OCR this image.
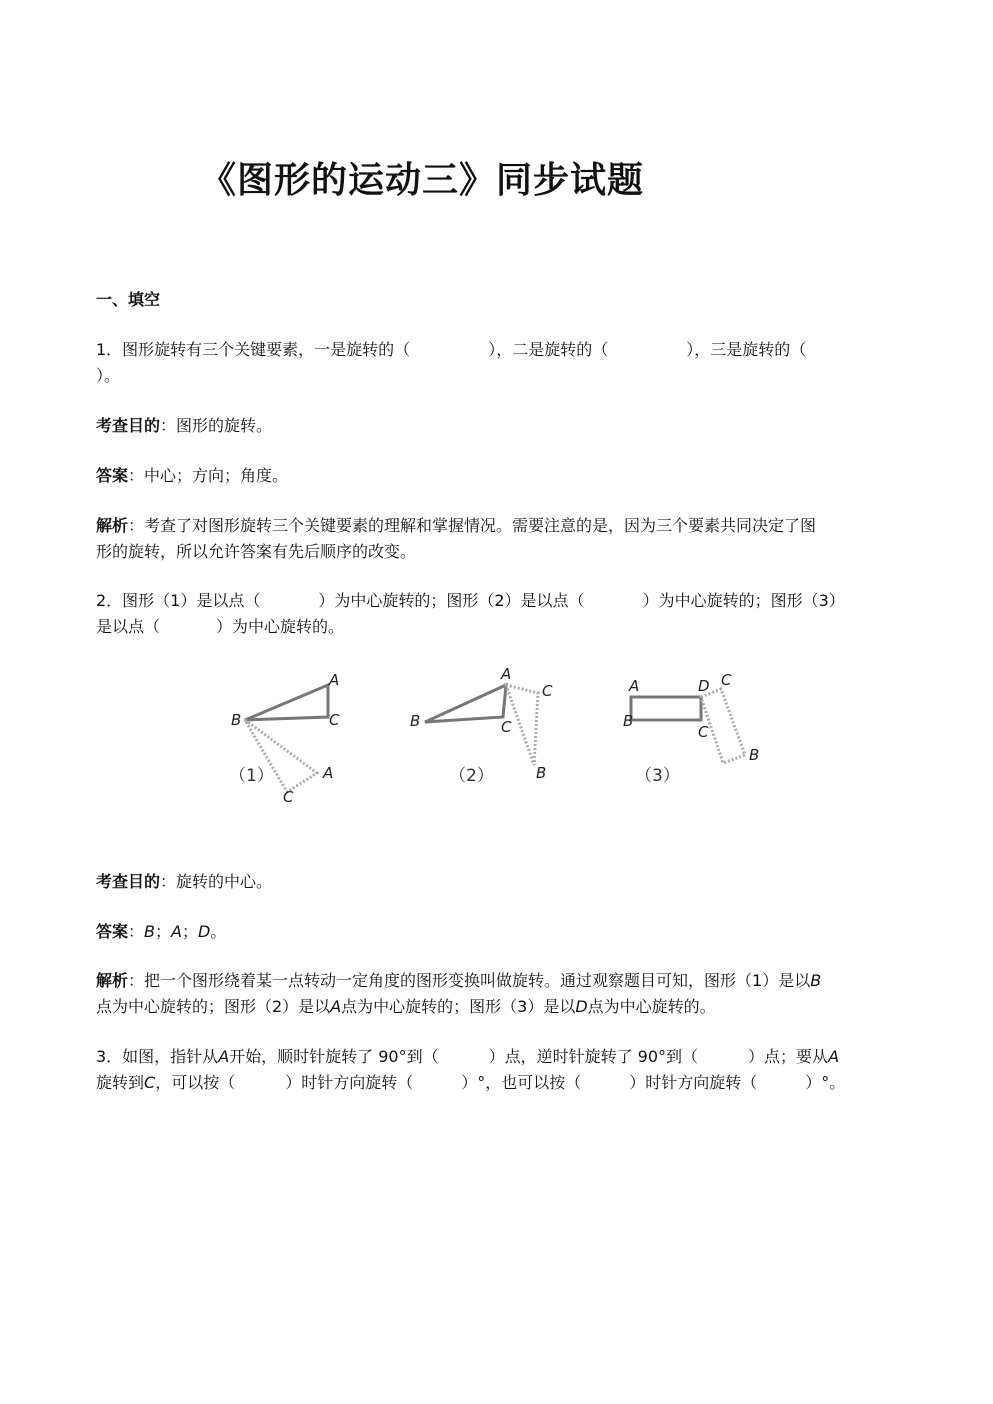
《图形的运动三》同步试题
一、填空
1．图形旋转有三个关键要素，一是旋转的（	），二是旋转的（	），三是旋转的（
）。
考查目的：图形的旋转。
答案：中心；方向；角度。
解析：考查了对图形旋转三个关键要素的理解和掌握情况。需要注意的是，因为三个要素共同决定了图
形的旋转，所以允许答案有先后顺序的改变。
2．图形（1）是以点（	）为中心旋转的；图形（2）是以点（	）为中心旋转的；图形（3）
是以点（	）为中心旋转的。
A
B	C
A
C
（1）
A
B	C
C
B
（2）
A
B
C
D C
B
（3）
考查目的：旋转的中心。
答案：B；A；D。
解析：把一个图形绕着某一点转动一定角度的图形变换叫做旋转。通过观察题目可知，图形（1）是以B
点为中心旋转的；图形（2）是以A点为中心旋转的；图形（3）是以D点为中心旋转的。
3．如图，指针从A开始，顺时针旋转了 90°到（	）点，逆时针旋转了 90°到（	）点；要从A
旋转到C，可以按（	）时针方向旋转（	）°，也可以按（	）时针方向旋转（	）°。
